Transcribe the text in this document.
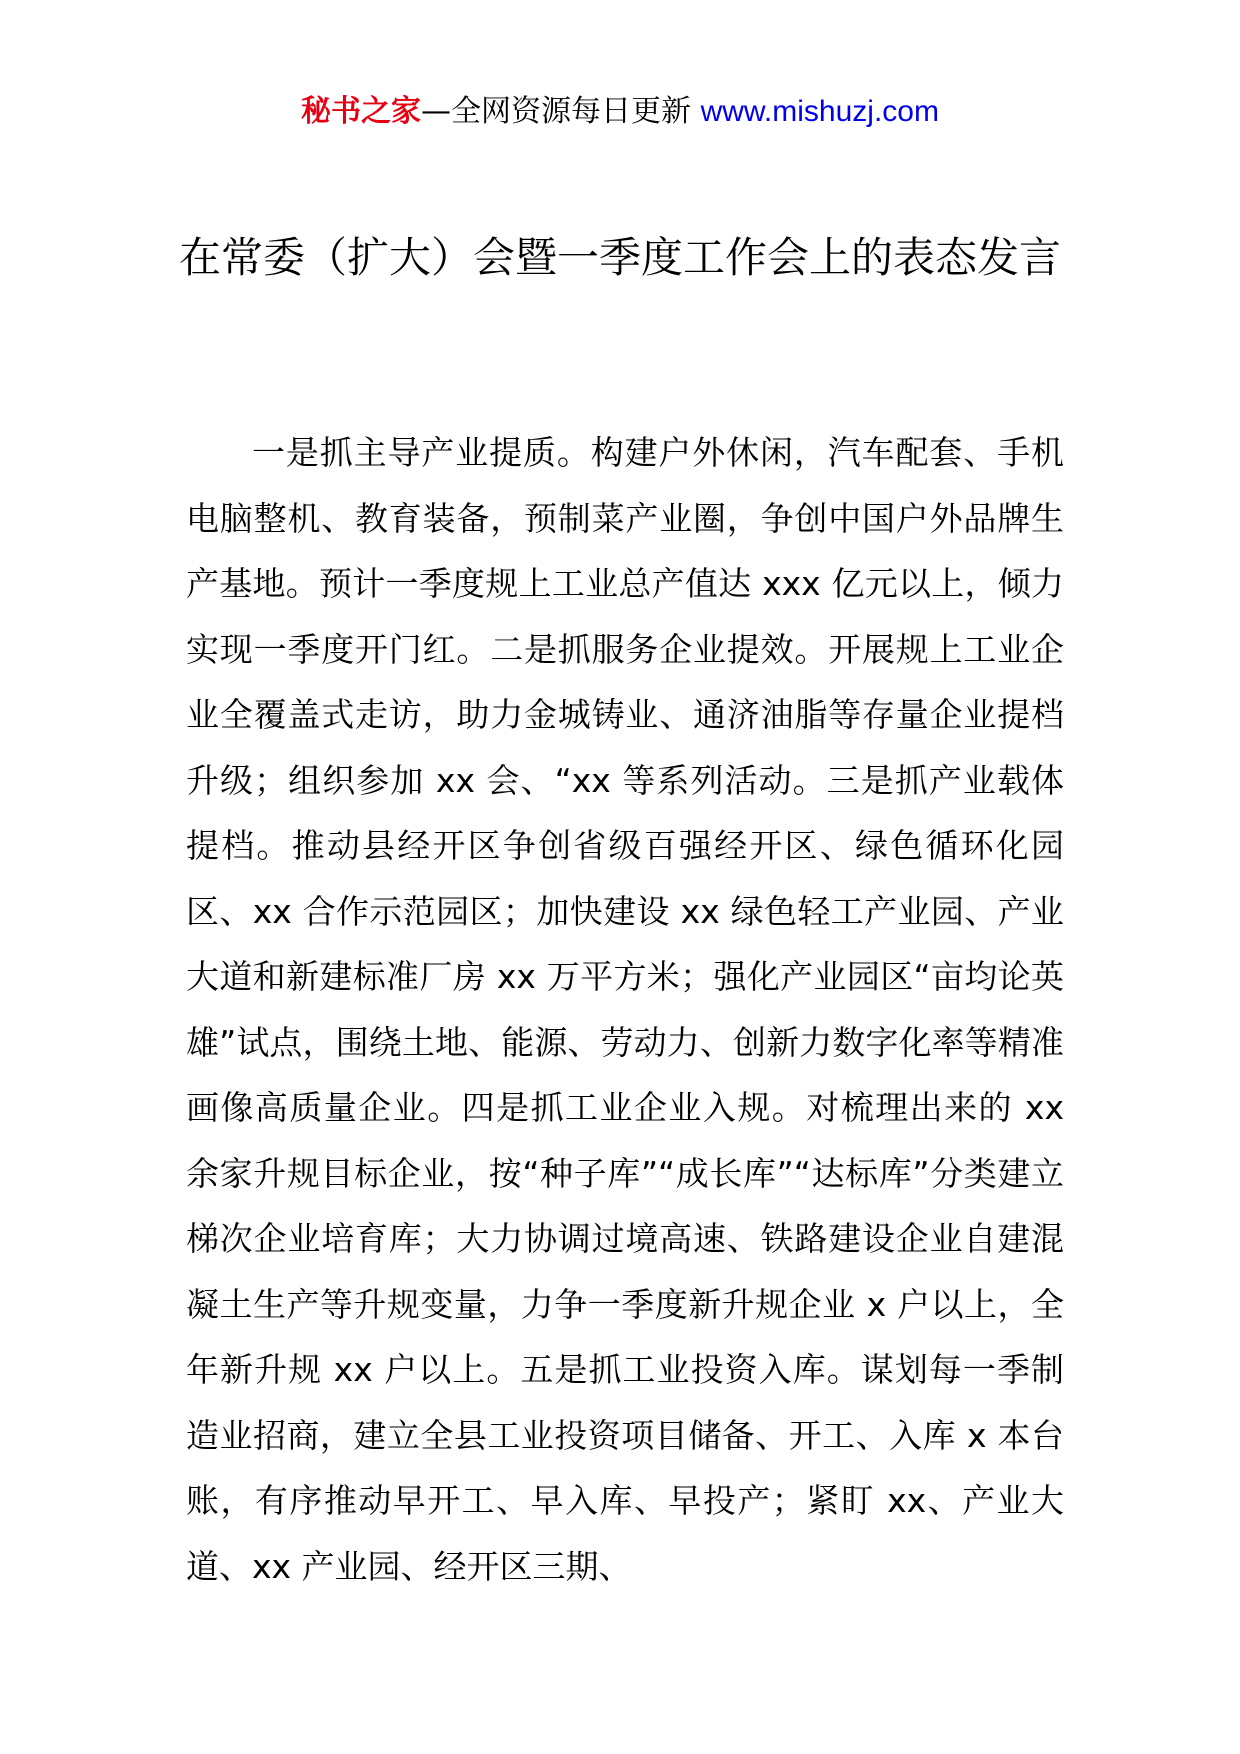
秘书之家—全网资源每日更新 www.mishuzj.com
在常委（扩大）会暨一季度工作会上的表态发言

一是抓主导产业提质。构建户外休闲，汽车配套、手机电脑整机、教育装备，预制菜产业圈，争创中国户外品牌生产基地。预计一季度规上工业总产值达 xxx 亿元以上，倾力实现一季度开门红。二是抓服务企业提效。开展规上工业企业全覆盖式走访，助力金城铸业、通济油脂等存量企业提档升级；组织参加 xx 会、“xx 等系列活动。三是抓产业载体提档。推动县经开区争创省级百强经开区、绿色循环化园区、xx 合作示范园区；加快建设 xx 绿色轻工产业园、产业大道和新建标准厂房 xx 万平方米；强化产业园区“亩均论英雄”试点，围绕土地、能源、劳动力、创新力数字化率等精准画像高质量企业。四是抓工业企业入规。对梳理出来的 xx 余家升规目标企业，按“种子库”“成长库”“达标库”分类建立梯次企业培育库；大力协调过境高速、铁路建设企业自建混凝土生产等升规变量，力争一季度新升规企业 x 户以上，全年新升规 xx 户以上。五是抓工业投资入库。谋划每一季制造业招商，建立全县工业投资项目储备、开工、入库 x 本台账，有序推动早开工、早入库、早投产；紧盯 xx、产业大道、xx 产业园、经开区三期、
